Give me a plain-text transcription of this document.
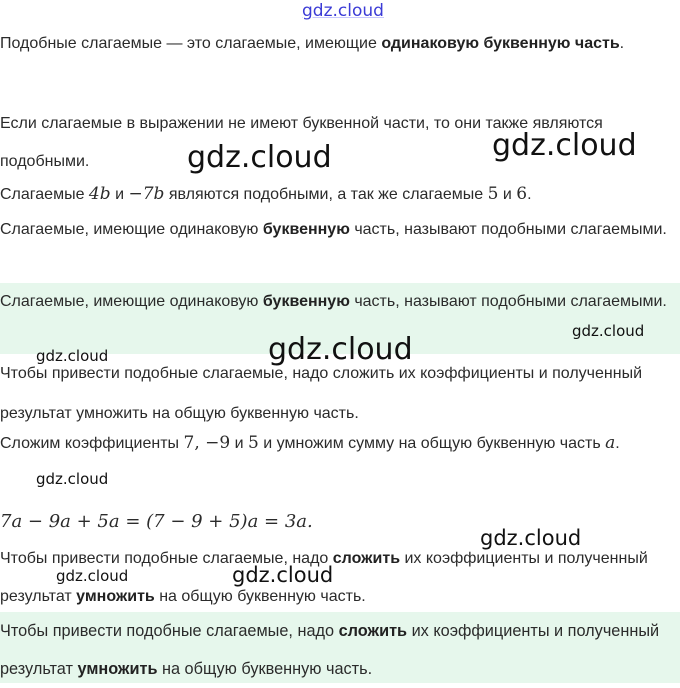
Подобные слагаемые — это слагаемые, имеющие одинаковую буквенную часть.

Если слагаемые в выражении не имеют буквенной части, то они также являются подобными.

Слагаемые 4b и −7b являются подобными, а так же слагаемые 5 и 6.

Слагаемые, имеющие одинаковую буквенную часть, называют подобными слагаемыми.

Слагаемые, имеющие одинаковую буквенную часть, называют подобными слагаемыми.

Чтобы привести подобные слагаемые, надо сложить их коэффициенты и полученный результат умножить на общую буквенную часть.

Сложим коэффициенты 7, −9 и 5 и умножим сумму на общую буквенную часть a.

7a − 9a + 5a = (7 − 9 + 5)a = 3a.

Чтобы привести подобные слагаемые, надо сложить их коэффициенты и полученный результат умножить на общую буквенную часть.

Чтобы привести подобные слагаемые, надо сложить их коэффициенты и полученный результат умножить на общую буквенную часть.

gdz.cloud
gdz.cloud	gdz.cloud
gdz.cloud
gdz.cloud
gdz.cloud
gdz.cloud
gdz.cloud
gdz.cloud	gdz.cloud
